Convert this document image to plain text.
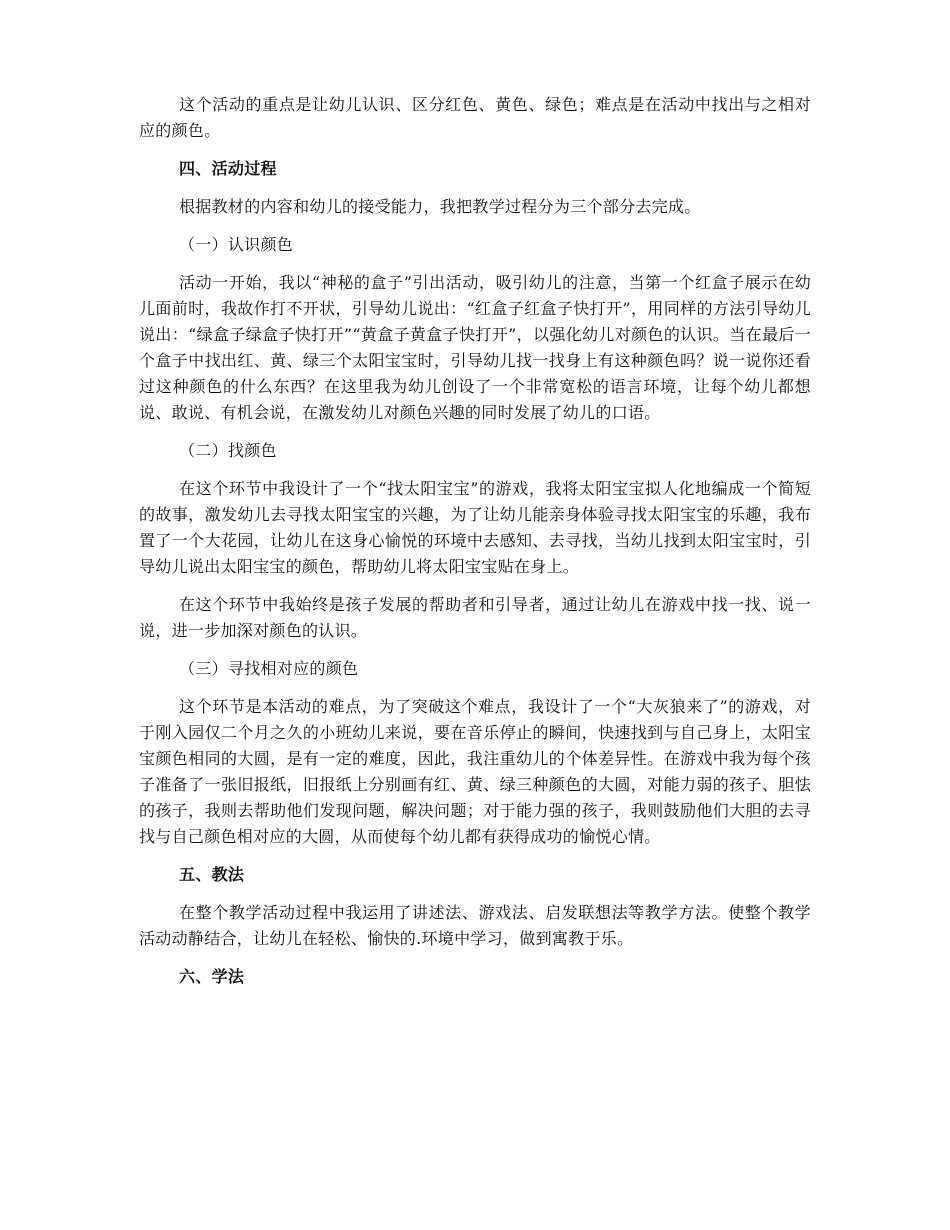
这个活动的重点是让幼儿认识、区分红色、黄色、绿色；难点是在活动中找出与之相对应的颜色。

四、活动过程

根据教材的内容和幼儿的接受能力，我把教学过程分为三个部分去完成。

（一）认识颜色

活动一开始，我以“神秘的盒子”引出活动，吸引幼儿的注意，当第一个红盒子展示在幼儿面前时，我故作打不开状，引导幼儿说出：“红盒子红盒子快打开”，用同样的方法引导幼儿说出：“绿盒子绿盒子快打开”“黄盒子黄盒子快打开”，以强化幼儿对颜色的认识。当在最后一个盒子中找出红、黄、绿三个太阳宝宝时，引导幼儿找一找身上有这种颜色吗？说一说你还看过这种颜色的什么东西？在这里我为幼儿创设了一个非常宽松的语言环境，让每个幼儿都想说、敢说、有机会说，在激发幼儿对颜色兴趣的同时发展了幼儿的口语。

（二）找颜色

在这个环节中我设计了一个“找太阳宝宝”的游戏，我将太阳宝宝拟人化地编成一个简短的故事，激发幼儿去寻找太阳宝宝的兴趣，为了让幼儿能亲身体验寻找太阳宝宝的乐趣，我布置了一个大花园，让幼儿在这身心愉悦的环境中去感知、去寻找，当幼儿找到太阳宝宝时，引导幼儿说出太阳宝宝的颜色，帮助幼儿将太阳宝宝贴在身上。

在这个环节中我始终是孩子发展的帮助者和引导者，通过让幼儿在游戏中找一找、说一说，进一步加深对颜色的认识。

（三）寻找相对应的颜色

这个环节是本活动的难点，为了突破这个难点，我设计了一个“大灰狼来了”的游戏，对于刚入园仅二个月之久的小班幼儿来说，要在音乐停止的瞬间，快速找到与自己身上，太阳宝宝颜色相同的大圆，是有一定的难度，因此，我注重幼儿的个体差异性。在游戏中我为每个孩子准备了一张旧报纸，旧报纸上分别画有红、黄、绿三种颜色的大圆，对能力弱的孩子、胆怯的孩子，我则去帮助他们发现问题，解决问题；对于能力强的孩子，我则鼓励他们大胆的去寻找与自己颜色相对应的大圆，从而使每个幼儿都有获得成功的愉悦心情。

五、教法

在整个教学活动过程中我运用了讲述法、游戏法、启发联想法等教学方法。使整个教学活动动静结合，让幼儿在轻松、愉快的.环境中学习，做到寓教于乐。

六、学法
